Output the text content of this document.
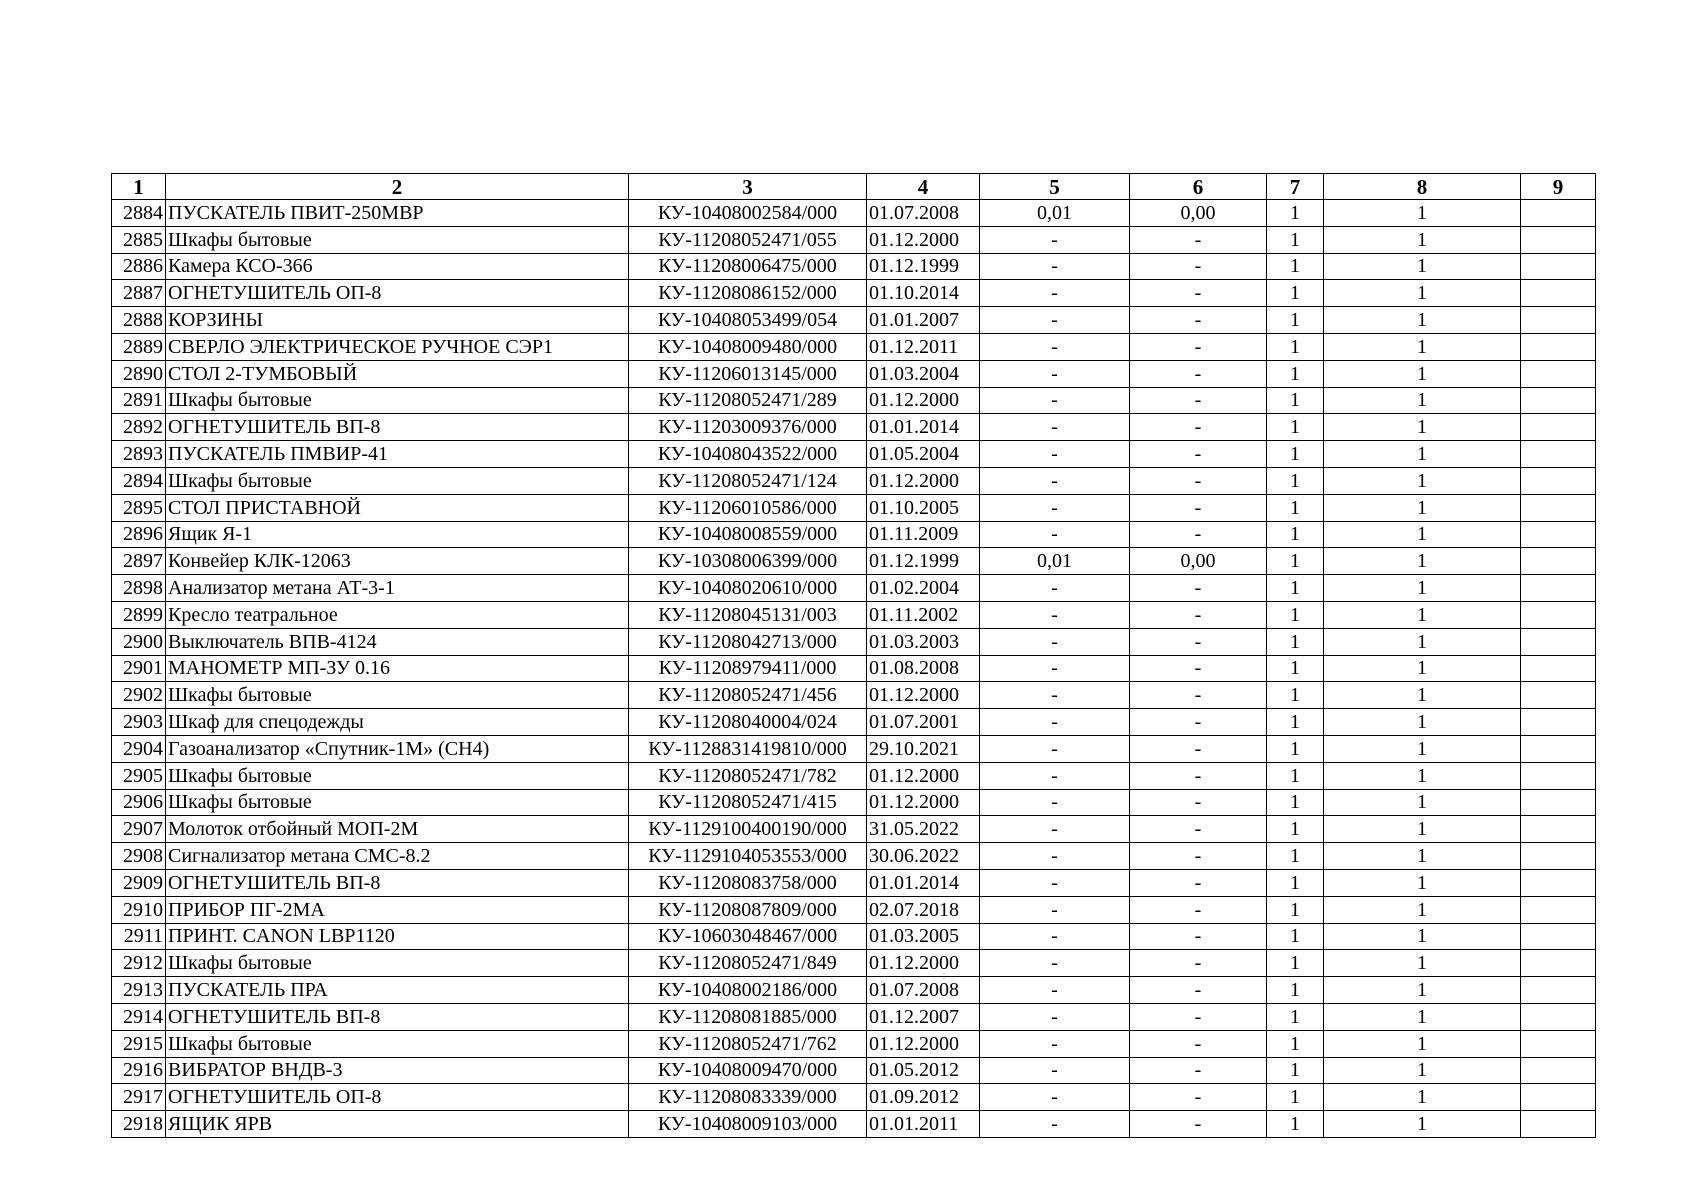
1	2	3	4	5	6	7	8	9
2884	ПУСКАТЕЛЬ ПВИТ-250МВР	КУ-10408002584/000	01.07.2008	0,01	0,00	1	1	
2885	Шкафы бытовые	КУ-11208052471/055	01.12.2000	-	-	1	1	
2886	Камера КСО-366	КУ-11208006475/000	01.12.1999	-	-	1	1	
2887	ОГНЕТУШИТЕЛЬ ОП-8	КУ-11208086152/000	01.10.2014	-	-	1	1	
2888	КОРЗИНЫ	КУ-10408053499/054	01.01.2007	-	-	1	1	
2889	СВЕРЛО ЭЛЕКТРИЧЕСКОЕ РУЧНОЕ СЭР1	КУ-10408009480/000	01.12.2011	-	-	1	1	
2890	СТОЛ 2-ТУМБОВЫЙ	КУ-11206013145/000	01.03.2004	-	-	1	1	
2891	Шкафы бытовые	КУ-11208052471/289	01.12.2000	-	-	1	1	
2892	ОГНЕТУШИТЕЛЬ ВП-8	КУ-11203009376/000	01.01.2014	-	-	1	1	
2893	ПУСКАТЕЛЬ ПМВИР-41	КУ-10408043522/000	01.05.2004	-	-	1	1	
2894	Шкафы бытовые	КУ-11208052471/124	01.12.2000	-	-	1	1	
2895	СТОЛ ПРИСТАВНОЙ	КУ-11206010586/000	01.10.2005	-	-	1	1	
2896	Ящик Я-1	КУ-10408008559/000	01.11.2009	-	-	1	1	
2897	Конвейер КЛК-12063	КУ-10308006399/000	01.12.1999	0,01	0,00	1	1	
2898	Анализатор метана АТ-3-1	КУ-10408020610/000	01.02.2004	-	-	1	1	
2899	Кресло театральное	КУ-11208045131/003	01.11.2002	-	-	1	1	
2900	Выключатель ВПВ-4124	КУ-11208042713/000	01.03.2003	-	-	1	1	
2901	МАНОМЕТР МП-ЗУ 0.16	КУ-11208979411/000	01.08.2008	-	-	1	1	
2902	Шкафы бытовые	КУ-11208052471/456	01.12.2000	-	-	1	1	
2903	Шкаф для спецодежды	КУ-11208040004/024	01.07.2001	-	-	1	1	
2904	Газоанализатор «Спутник-1М» (СН4)	КУ-1128831419810/000	29.10.2021	-	-	1	1	
2905	Шкафы бытовые	КУ-11208052471/782	01.12.2000	-	-	1	1	
2906	Шкафы бытовые	КУ-11208052471/415	01.12.2000	-	-	1	1	
2907	Молоток отбойный МОП-2М	КУ-1129100400190/000	31.05.2022	-	-	1	1	
2908	Сигнализатор метана СМС-8.2	КУ-1129104053553/000	30.06.2022	-	-	1	1	
2909	ОГНЕТУШИТЕЛЬ ВП-8	КУ-11208083758/000	01.01.2014	-	-	1	1	
2910	ПРИБОР ПГ-2МА	КУ-11208087809/000	02.07.2018	-	-	1	1	
2911	ПРИНТ. CANON LBP1120	КУ-10603048467/000	01.03.2005	-	-	1	1	
2912	Шкафы бытовые	КУ-11208052471/849	01.12.2000	-	-	1	1	
2913	ПУСКАТЕЛЬ ПРА	КУ-10408002186/000	01.07.2008	-	-	1	1	
2914	ОГНЕТУШИТЕЛЬ ВП-8	КУ-11208081885/000	01.12.2007	-	-	1	1	
2915	Шкафы бытовые	КУ-11208052471/762	01.12.2000	-	-	1	1	
2916	ВИБРАТОР ВНДВ-3	КУ-10408009470/000	01.05.2012	-	-	1	1	
2917	ОГНЕТУШИТЕЛЬ ОП-8	КУ-11208083339/000	01.09.2012	-	-	1	1	
2918	ЯЩИК ЯРВ	КУ-10408009103/000	01.01.2011	-	-	1	1	
